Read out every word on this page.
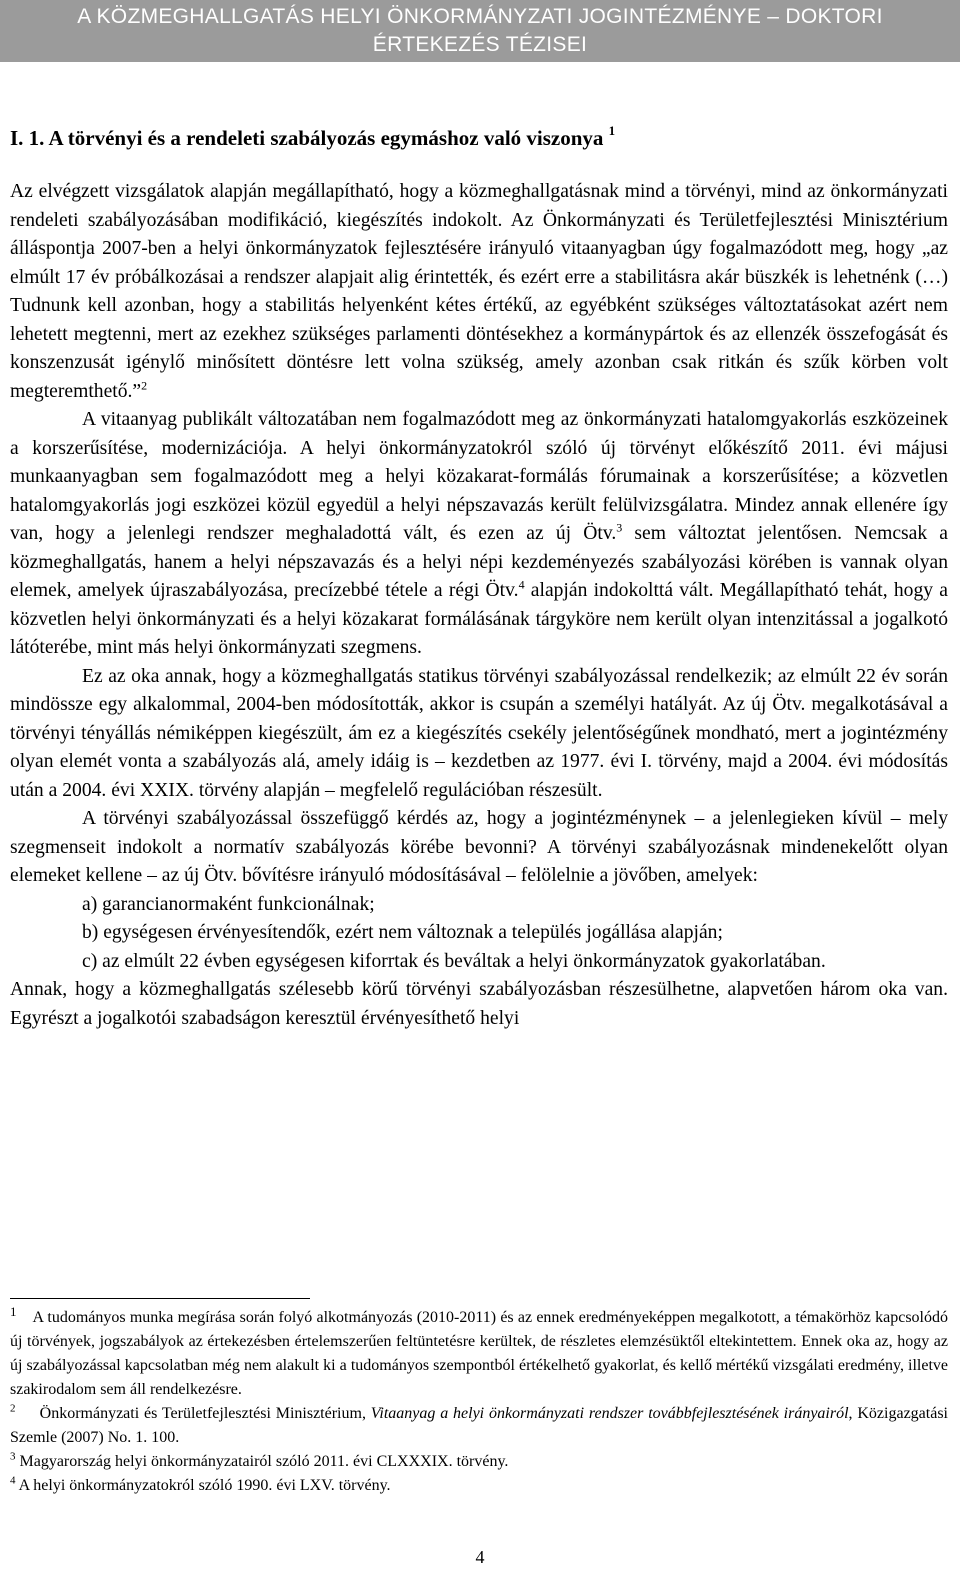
A KÖZMEGHALLGATÁS HELYI ÖNKORMÁNYZATI JOGINTÉZMÉNYE – DOKTORI
ÉRTEKEZÉS TÉZISEI
I. 1. A törvényi és a rendeleti szabályozás egymáshoz való viszonya $^1$

Az elvégzett vizsgálatok alapján megállapítható, hogy a közmeghallgatásnak mind a törvényi, mind az önkormányzati rendeleti szabályozásában modifikáció, kiegészítés indokolt. Az Önkormányzati és Területfejlesztési Minisztérium álláspontja 2007-ben a helyi önkormányzatok fejlesztésére irányuló vitaanyagban úgy fogalmazódott meg, hogy „az elmúlt 17 év próbálkozásai a rendszer alapjait alig érintették, és ezért erre a stabilitásra akár büszkék is lehetnénk (…) Tudnunk kell azonban, hogy a stabilitás helyenként kétes értékű, az egyébként szükséges változtatásokat azért nem lehetett megtenni, mert az ezekhez szükséges parlamenti döntésekhez a kormánypártok és az ellenzék összefogását és konszenzusát igénylő minősített döntésre lett volna szükség, amely azonban csak ritkán és szűk körben volt megteremthető.”$^2$

A vitaanyag publikált változatában nem fogalmazódott meg az önkormányzati hatalomgyakorlás eszközeinek a korszerűsítése, modernizációja. A helyi önkormányzatokról szóló új törvényt előkészítő 2011. évi májusi munkaanyagban sem fogalmazódott meg a helyi közakarat-formálás fórumainak a korszerűsítése; a közvetlen hatalomgyakorlás jogi eszközei közül egyedül a helyi népszavazás került felülvizsgálatra. Mindez annak ellenére így van, hogy a jelenlegi rendszer meghaladottá vált, és ezen az új Ötv.$^3$ sem változtat jelentősen. Nemcsak a közmeghallgatás, hanem a helyi népszavazás és a helyi népi kezdeményezés szabályozási körében is vannak olyan elemek, amelyek újraszabályozása, precízebbé tétele a régi Ötv.$^4$ alapján indokolttá vált. Megállapítható tehát, hogy a közvetlen helyi önkormányzati és a helyi közakarat formálásának tárgyköre nem került olyan intenzitással a jogalkotó látóterébe, mint más helyi önkormányzati szegmens.

Ez az oka annak, hogy a közmeghallgatás statikus törvényi szabályozással rendelkezik; az elmúlt 22 év során mindössze egy alkalommal, 2004-ben módosították, akkor is csupán a személyi hatályát. Az új Ötv. megalkotásával a törvényi tényállás némiképpen kiegészült, ám ez a kiegészítés csekély jelentőségűnek mondható, mert a jogintézmény olyan elemét vonta a szabályozás alá, amely idáig is – kezdetben az 1977. évi I. törvény, majd a 2004. évi módosítás után a 2004. évi XXIX. törvény alapján – megfelelő regulációban részesült.

A törvényi szabályozással összefüggő kérdés az, hogy a jogintézménynek – a jelenlegieken kívül – mely szegmenseit indokolt a normatív szabályozás körébe bevonni? A törvényi szabályozásnak mindenekelőtt olyan elemeket kellene – az új Ötv. bővítésre irányuló módosításával – felölelnie a jövőben, amelyek:

a) garancianormaként funkcionálnak;

b) egységesen érvényesítendők, ezért nem változnak a település jogállása alapján;

c) az elmúlt 22 évben egységesen kiforrtak és beváltak a helyi önkormányzatok gyakorlatában.

Annak, hogy a közmeghallgatás szélesebb körű törvényi szabályozásban részesülhetne, alapvetően három oka van. Egyrészt a jogalkotói szabadságon keresztül érvényesíthető helyi

$^1$ A tudományos munka megírása során folyó alkotmányozás (2010-2011) és az ennek eredményeképpen megalkotott, a témakörhöz kapcsolódó új törvények, jogszabályok az értekezésben értelemszerűen feltüntetésre kerültek, de részletes elemzésüktől eltekintettem. Ennek oka az, hogy az új szabályozással kapcsolatban még nem alakult ki a tudományos szempontból értékelhető gyakorlat, és kellő mértékű vizsgálati eredmény, illetve szakirodalom sem áll rendelkezésre.

$^2$ Önkormányzati és Területfejlesztési Minisztérium, Vitaanyag a helyi önkormányzati rendszer továbbfejlesztésének irányairól, Közigazgatási Szemle (2007) No. 1. 100.

$^3$ Magyarország helyi önkormányzatairól szóló 2011. évi CLXXXIX. törvény.

$^4$ A helyi önkormányzatokról szóló 1990. évi LXV. törvény.

4
